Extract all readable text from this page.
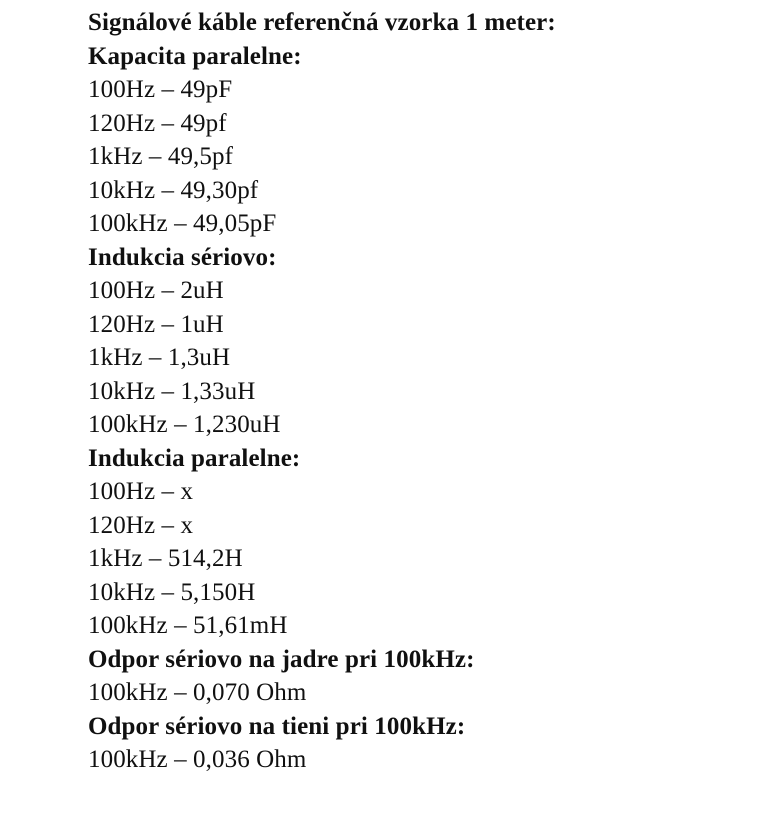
Signálové káble referenčná vzorka 1 meter:
Kapacita paralelne:
100Hz – 49pF
120Hz – 49pf
1kHz – 49,5pf
10kHz – 49,30pf
100kHz – 49,05pF
Indukcia sériovo:
100Hz – 2uH
120Hz – 1uH
1kHz – 1,3uH
10kHz – 1,33uH
100kHz – 1,230uH
Indukcia paralelne:
100Hz – x
120Hz – x
1kHz – 514,2H
10kHz – 5,150H
100kHz – 51,61mH
Odpor sériovo na jadre pri 100kHz:
100kHz – 0,070 Ohm
Odpor sériovo na tieni pri 100kHz:
100kHz – 0,036 Ohm
